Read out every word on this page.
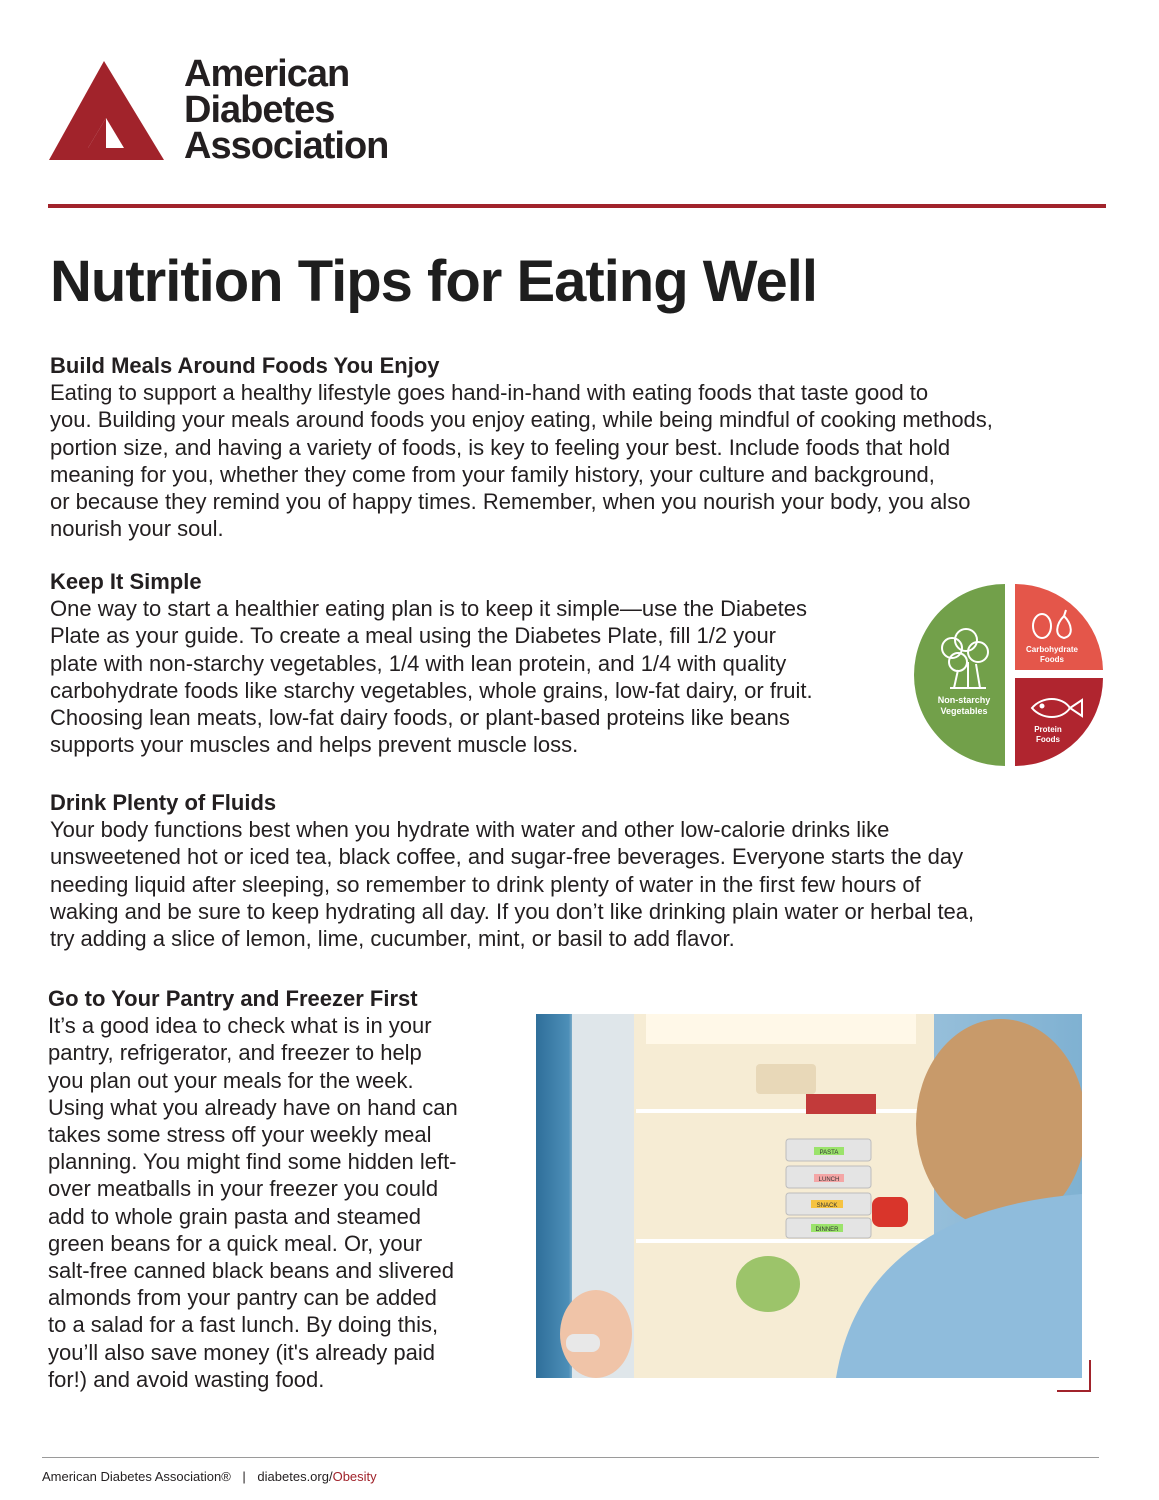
American
Diabetes
Association
Nutrition Tips for Eating Well
Build Meals Around Foods You Enjoy

Eating to support a healthy lifestyle goes hand-in-hand with eating foods that taste good to
you. Building your meals around foods you enjoy eating, while being mindful of cooking methods,
portion size, and having a variety of foods, is key to feeling your best. Include foods that hold
meaning for you, whether they come from your family history, your culture and background,
or because they remind you of happy times. Remember, when you nourish your body, you also
nourish your soul.

Keep It Simple

One way to start a healthier eating plan is to keep it simple—use the Diabetes
Plate as your guide. To create a meal using the Diabetes Plate, fill 1/2 your
plate with non-starchy vegetables, 1/4 with lean protein, and 1/4 with quality
carbohydrate foods like starchy vegetables, whole grains, low-fat dairy, or fruit.
Choosing lean meats, low-fat dairy foods, or plant-based proteins like beans
supports your muscles and helps prevent muscle loss.

Non-starchy
Vegetables
Carbohydrate
Foods
Protein
Foods
Drink Plenty of Fluids

Your body functions best when you hydrate with water and other low-calorie drinks like
unsweetened hot or iced tea, black coffee, and sugar-free beverages. Everyone starts the day
needing liquid after sleeping, so remember to drink plenty of water in the first few hours of
waking and be sure to keep hydrating all day. If you don’t like drinking plain water or herbal tea,
try adding a slice of lemon, lime, cucumber, mint, or basil to add flavor.

Go to Your Pantry and Freezer First

It’s a good idea to check what is in your
pantry, refrigerator, and freezer to help
you plan out your meals for the week.
Using what you already have on hand can
takes some stress off your weekly meal
planning. You might find some hidden left-
over meatballs in your freezer you could
add to whole grain pasta and steamed
green beans for a quick meal. Or, your
salt-free canned black beans and slivered
almonds from your pantry can be added
to a salad for a fast lunch. By doing this,
you’ll also save money (it's already paid
for!) and avoid wasting food.

PASTA
LUNCH
SNACK
DINNER
American Diabetes Association® | diabetes.org/Obesity
